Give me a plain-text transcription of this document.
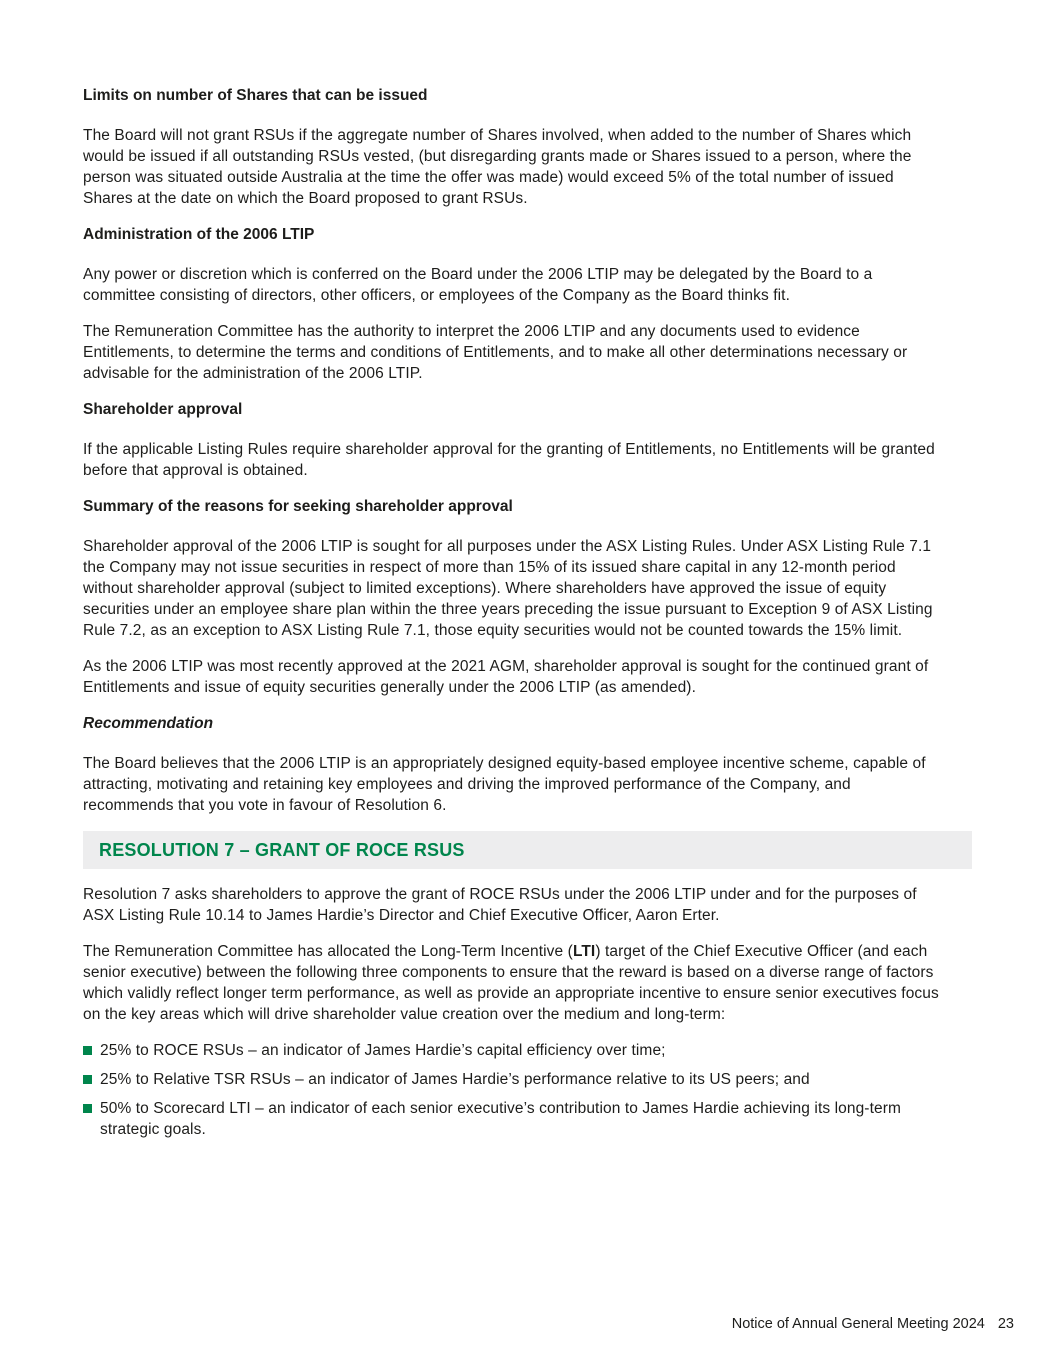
Limits on number of Shares that can be issued

The Board will not grant RSUs if the aggregate number of Shares involved, when added to the number of Shares which would be issued if all outstanding RSUs vested, (but disregarding grants made or Shares issued to a person, where the person was situated outside Australia at the time the offer was made) would exceed 5% of the total number of issued Shares at the date on which the Board proposed to grant RSUs.

Administration of the 2006 LTIP

Any power or discretion which is conferred on the Board under the 2006 LTIP may be delegated by the Board to a committee consisting of directors, other officers, or employees of the Company as the Board thinks fit.

The Remuneration Committee has the authority to interpret the 2006 LTIP and any documents used to evidence Entitlements, to determine the terms and conditions of Entitlements, and to make all other determinations necessary or advisable for the administration of the 2006 LTIP.

Shareholder approval

If the applicable Listing Rules require shareholder approval for the granting of Entitlements, no Entitlements will be granted before that approval is obtained.

Summary of the reasons for seeking shareholder approval

Shareholder approval of the 2006 LTIP is sought for all purposes under the ASX Listing Rules. Under ASX Listing Rule 7.1 the Company may not issue securities in respect of more than 15% of its issued share capital in any 12-month period without shareholder approval (subject to limited exceptions). Where shareholders have approved the issue of equity securities under an employee share plan within the three years preceding the issue pursuant to Exception 9 of ASX Listing Rule 7.2, as an exception to ASX Listing Rule 7.1, those equity securities would not be counted towards the 15% limit.

As the 2006 LTIP was most recently approved at the 2021 AGM, shareholder approval is sought for the continued grant of Entitlements and issue of equity securities generally under the 2006 LTIP (as amended).

Recommendation

The Board believes that the 2006 LTIP is an appropriately designed equity-based employee incentive scheme, capable of attracting, motivating and retaining key employees and driving the improved performance of the Company, and recommends that you vote in favour of Resolution 6.

RESOLUTION 7 – GRANT OF ROCE RSUS

Resolution 7 asks shareholders to approve the grant of ROCE RSUs under the 2006 LTIP under and for the purposes of ASX Listing Rule 10.14 to James Hardie’s Director and Chief Executive Officer, Aaron Erter.

The Remuneration Committee has allocated the Long-Term Incentive (LTI) target of the Chief Executive Officer (and each senior executive) between the following three components to ensure that the reward is based on a diverse range of factors which validly reflect longer term performance, as well as provide an appropriate incentive to ensure senior executives focus on the key areas which will drive shareholder value creation over the medium and long-term:

25% to ROCE RSUs – an indicator of James Hardie’s capital efficiency over time;
25% to Relative TSR RSUs – an indicator of James Hardie’s performance relative to its US peers; and
50% to Scorecard LTI – an indicator of each senior executive’s contribution to James Hardie achieving its long-term strategic goals.
Notice of Annual General Meeting 2024 23
